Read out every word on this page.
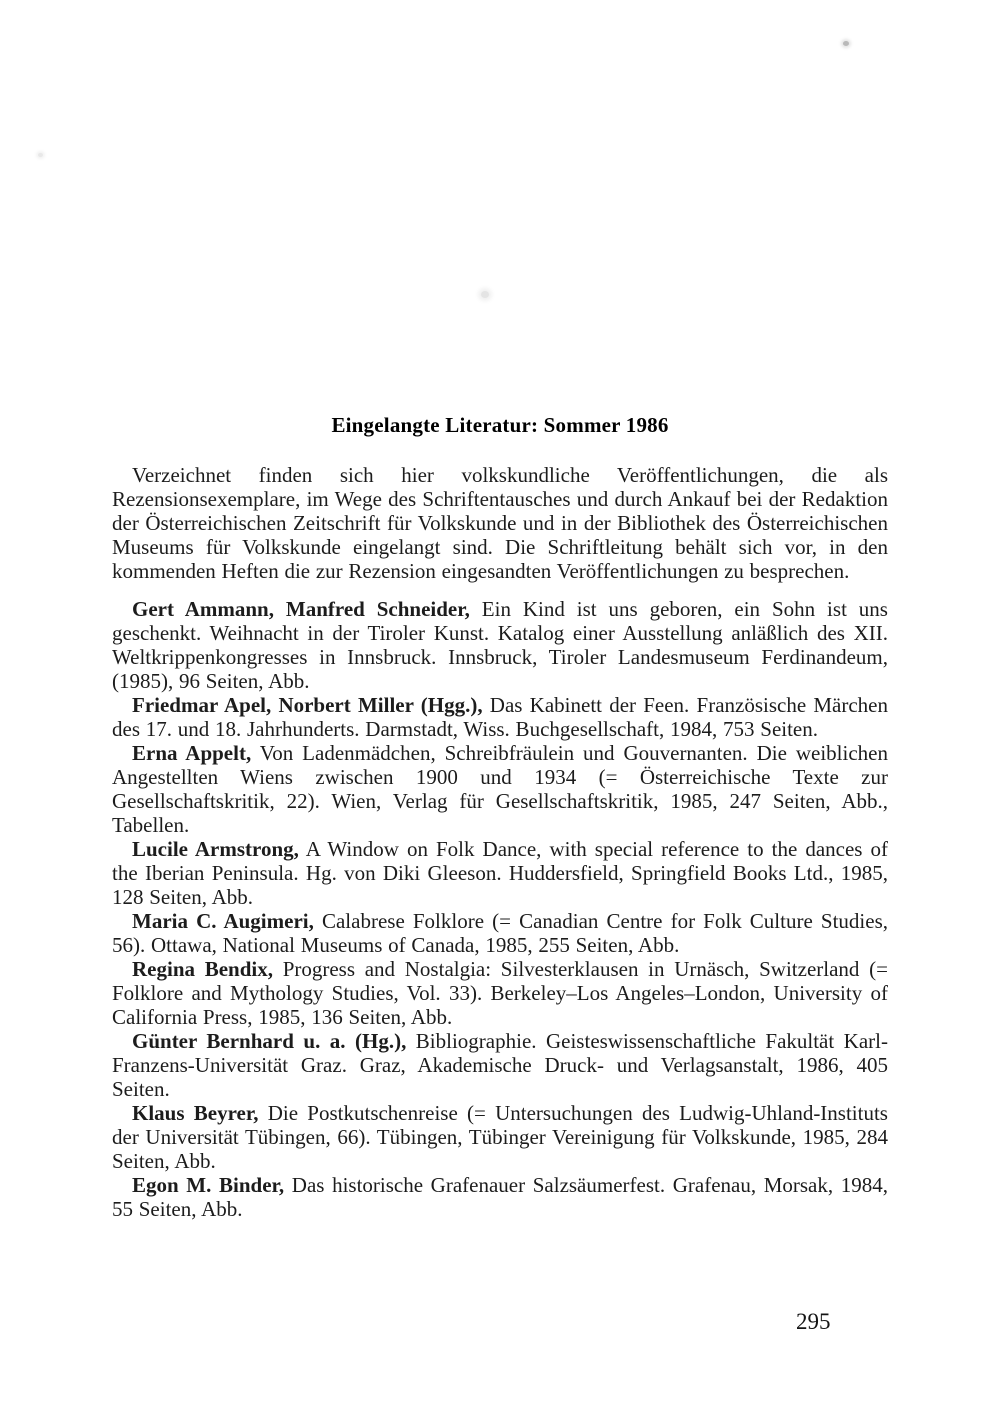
Eingelangte Literatur: Sommer 1986

Verzeichnet finden sich hier volkskundliche Veröffentlichungen, die als Rezensionsexemplare, im Wege des Schriftentausches und durch Ankauf bei der Redaktion der Österreichischen Zeitschrift für Volkskunde und in der Bibliothek des Österreichischen Museums für Volkskunde eingelangt sind. Die Schriftleitung behält sich vor, in den kommenden Heften die zur Rezension eingesandten Veröffentlichungen zu besprechen.

Gert Ammann, Manfred Schneider, Ein Kind ist uns geboren, ein Sohn ist uns geschenkt. Weihnacht in der Tiroler Kunst. Katalog einer Ausstellung anläßlich des XII. Weltkrippenkongresses in Innsbruck. Innsbruck, Tiroler Landesmuseum Ferdinandeum, (1985), 96 Seiten, Abb.

Friedmar Apel, Norbert Miller (Hgg.), Das Kabinett der Feen. Französische Märchen des 17. und 18. Jahrhunderts. Darmstadt, Wiss. Buchgesellschaft, 1984, 753 Seiten.

Erna Appelt, Von Ladenmädchen, Schreibfräulein und Gouvernanten. Die weiblichen Angestellten Wiens zwischen 1900 und 1934 (= Österreichische Texte zur Gesellschaftskritik, 22). Wien, Verlag für Gesellschaftskritik, 1985, 247 Seiten, Abb., Tabellen.

Lucile Armstrong, A Window on Folk Dance, with special reference to the dances of the Iberian Peninsula. Hg. von Diki Gleeson. Huddersfield, Springfield Books Ltd., 1985, 128 Seiten, Abb.

Maria C. Augimeri, Calabrese Folklore (= Canadian Centre for Folk Culture Studies, 56). Ottawa, National Museums of Canada, 1985, 255 Seiten, Abb.

Regina Bendix, Progress and Nostalgia: Silvesterklausen in Urnäsch, Switzerland (= Folklore and Mythology Studies, Vol. 33). Berkeley–Los Angeles–London, University of California Press, 1985, 136 Seiten, Abb.

Günter Bernhard u. a. (Hg.), Bibliographie. Geisteswissenschaftliche Fakultät Karl-Franzens-Universität Graz. Graz, Akademische Druck- und Verlagsanstalt, 1986, 405 Seiten.

Klaus Beyrer, Die Postkutschenreise (= Untersuchungen des Ludwig-Uhland-Instituts der Universität Tübingen, 66). Tübingen, Tübinger Vereinigung für Volkskunde, 1985, 284 Seiten, Abb.

Egon M. Binder, Das historische Grafenauer Salzsäumerfest. Grafenau, Morsak, 1984, 55 Seiten, Abb.

295
